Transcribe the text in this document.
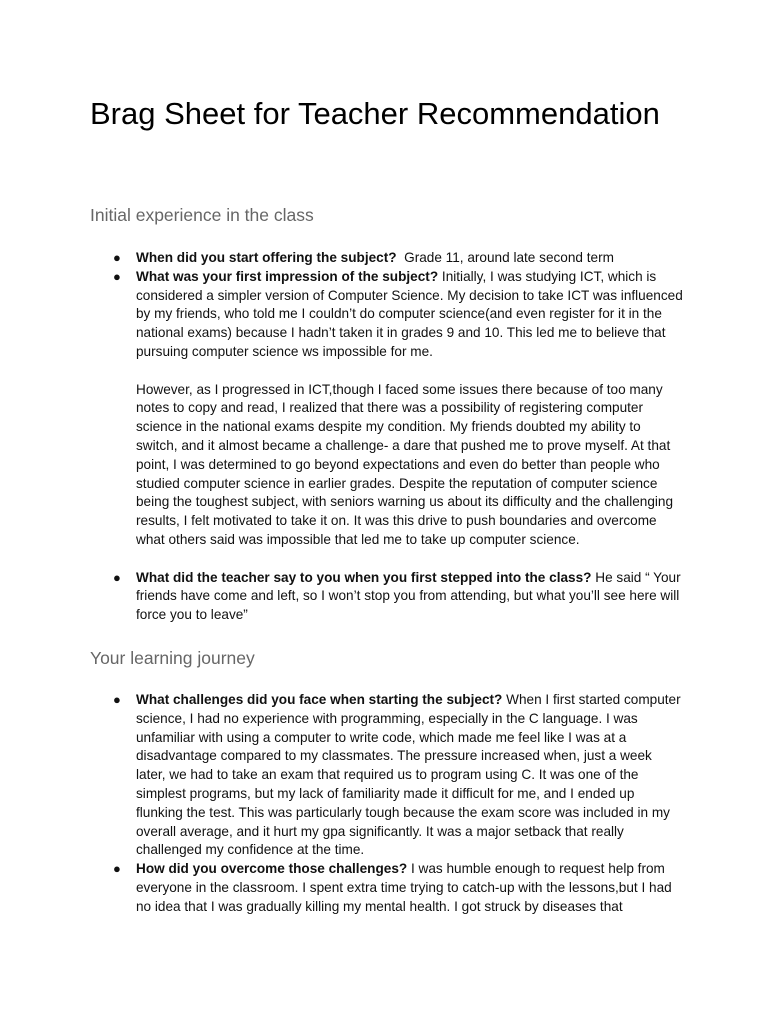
Brag Sheet for Teacher Recommendation
Initial experience in the class
● When did you start offering the subject? Grade 11, around late second term

● What was your first impression of the subject? Initially, I was studying ICT, which is considered a simpler version of Computer Science. My decision to take ICT was influenced by my friends, who told me I couldn’t do computer science(and even register for it in the national exams) because I hadn’t taken it in grades 9 and 10. This led me to believe that pursuing computer science ws impossible for me.

However, as I progressed in ICT,though I faced some issues there because of too many notes to copy and read, I realized that there was a possibility of registering computer science in the national exams despite my condition. My friends doubted my ability to switch, and it almost became a challenge- a dare that pushed me to prove myself. At that point, I was determined to go beyond expectations and even do better than people who studied computer science in earlier grades. Despite the reputation of computer science being the toughest subject, with seniors warning us about its difficulty and the challenging results, I felt motivated to take it on. It was this drive to push boundaries and overcome what others said was impossible that led me to take up computer science.

● What did the teacher say to you when you first stepped into the class? He said “ Your friends have come and left, so I won’t stop you from attending, but what you’ll see here will force you to leave”

Your learning journey
● What challenges did you face when starting the subject? When I first started computer science, I had no experience with programming, especially in the C language. I was unfamiliar with using a computer to write code, which made me feel like I was at a disadvantage compared to my classmates. The pressure increased when, just a week later, we had to take an exam that required us to program using C. It was one of the simplest programs, but my lack of familiarity made it difficult for me, and I ended up flunking the test. This was particularly tough because the exam score was included in my overall average, and it hurt my gpa significantly. It was a major setback that really challenged my confidence at the time.

● How did you overcome those challenges? I was humble enough to request help from everyone in the classroom. I spent extra time trying to catch-up with the lessons,but I had no idea that I was gradually killing my mental health. I got struck by diseases that
